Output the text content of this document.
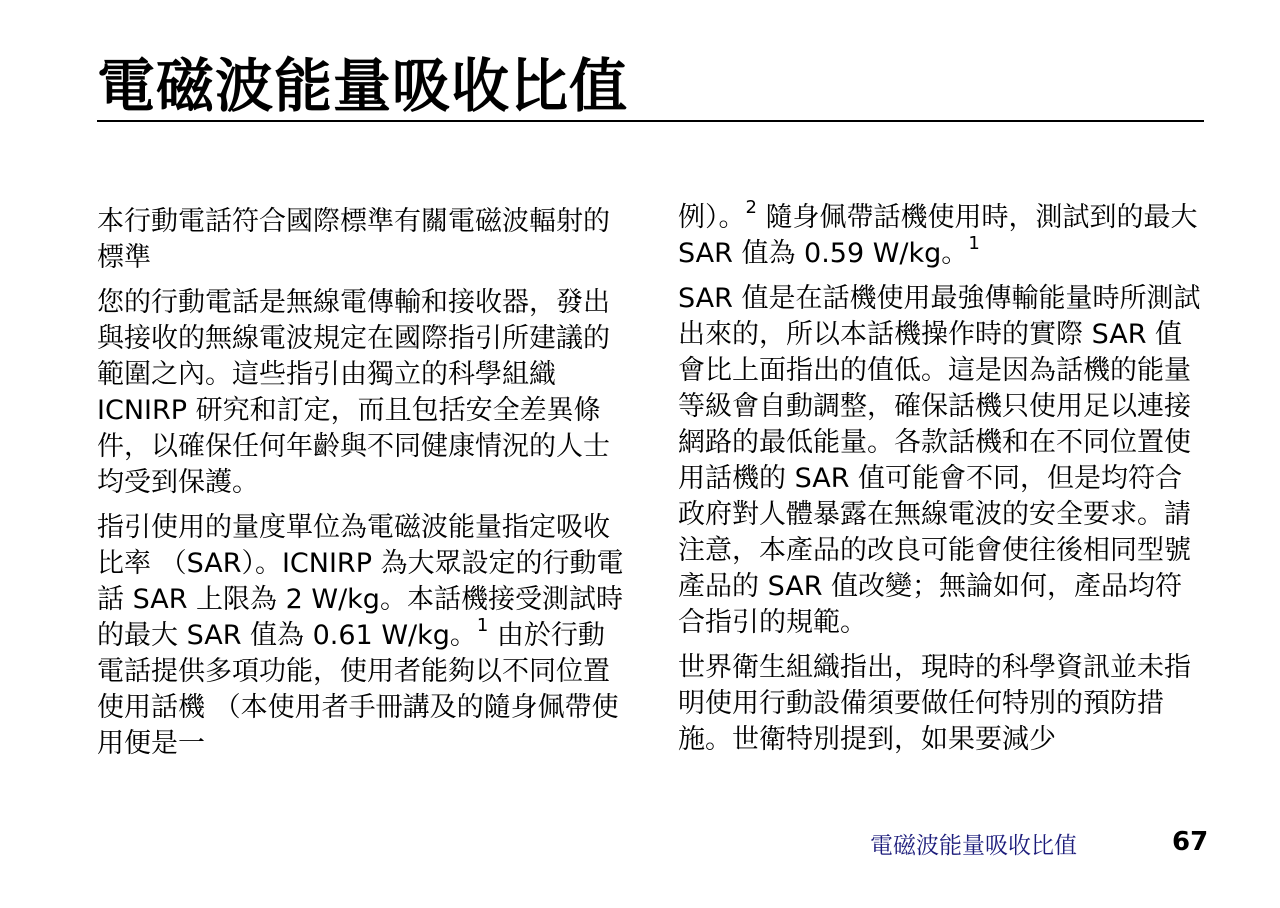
電磁波能量吸收比值

本行動電話符合國際標準有關電磁波輻射的標準

您的行動電話是無線電傳輸和接收器，發出與接收的無線電波規定在國際指引所建議的範圍之內。這些指引由獨立的科學組織 ICNIRP 研究和訂定，而且包括安全差異條件，以確保任何年齡與不同健康情況的人士均受到保護。

指引使用的量度單位為電磁波能量指定吸收比率 （SAR）。ICNIRP 為大眾設定的行動電話 SAR 上限為 2 W/kg。本話機接受測試時的最大 SAR 值為 0.61 W/kg。$^1$ 由於行動電話提供多項功能，使用者能夠以不同位置使用話機 （本使用者手冊講及的隨身佩帶使用便是一

例）。$^2$ 隨身佩帶話機使用時，測試到的最大 SAR 值為 0.59 W/kg。$^1$

SAR 值是在話機使用最強傳輸能量時所測試出來的，所以本話機操作時的實際 SAR 值會比上面指出的值低。這是因為話機的能量等級會自動調整，確保話機只使用足以連接網路的最低能量。各款話機和在不同位置使用話機的 SAR 值可能會不同，但是均符合政府對人體暴露在無線電波的安全要求。請注意，本產品的改良可能會使往後相同型號產品的 SAR 值改變；無論如何，產品均符合指引的規範。

世界衛生組織指出，現時的科學資訊並未指明使用行動設備須要做任何特別的預防措施。世衛特別提到，如果要減少

電磁波能量吸收比值	67
